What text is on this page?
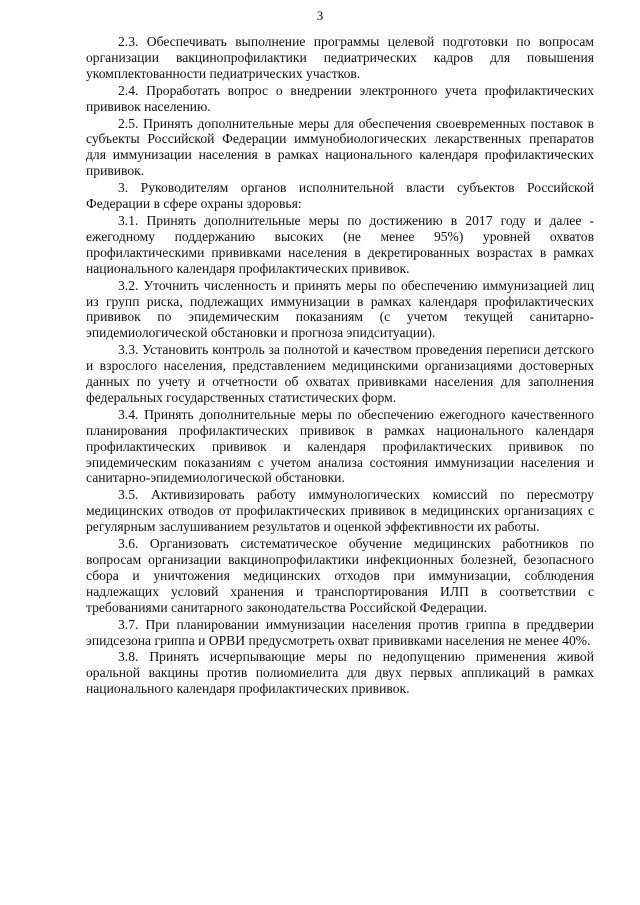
3

2.3. Обеспечивать выполнение программы целевой подготовки по вопросам организации вакцинопрофилактики педиатрических кадров для повышения укомплектованности педиатрических участков.

2.4. Проработать вопрос о внедрении электронного учета профилактических прививок населению.

2.5. Принять дополнительные меры для обеспечения своевременных поставок в субъекты Российской Федерации иммунобиологических лекарственных препаратов для иммунизации населения в рамках национального календаря профилактических прививок.

3. Руководителям органов исполнительной власти субъектов Российской Федерации в сфере охраны здоровья:

3.1. Принять дополнительные меры по достижению в 2017 году и далее - ежегодному поддержанию высоких (не менее 95%) уровней охватов профилактическими прививками населения в декретированных возрастах в рамках национального календаря профилактических прививок.

3.2. Уточнить численность и принять меры по обеспечению иммунизацией лиц из групп риска, подлежащих иммунизации в рамках календаря профилактических прививок по эпидемическим показаниям (с учетом текущей санитарно-эпидемиологической обстановки и прогноза эпидситуации).

3.3. Установить контроль за полнотой и качеством проведения переписи детского и взрослого населения, представлением медицинскими организациями достоверных данных по учету и отчетности об охватах прививками населения для заполнения федеральных государственных статистических форм.

3.4. Принять дополнительные меры по обеспечению ежегодного качественного планирования профилактических прививок в рамках национального календаря профилактических прививок и календаря профилактических прививок по эпидемическим показаниям с учетом анализа состояния иммунизации населения и санитарно-эпидемиологической обстановки.

3.5. Активизировать работу иммунологических комиссий по пересмотру медицинских отводов от профилактических прививок в медицинских организациях с регулярным заслушиванием результатов и оценкой эффективности их работы.

3.6. Организовать систематическое обучение медицинских работников по вопросам организации вакцинопрофилактики инфекционных болезней, безопасного сбора и уничтожения медицинских отходов при иммунизации, соблюдения надлежащих условий хранения и транспортирования ИЛП в соответствии с требованиями санитарного законодательства Российской Федерации.

3.7. При планировании иммунизации населения против гриппа в преддверии эпидсезона гриппа и ОРВИ предусмотреть охват прививками населения не менее 40%.

3.8. Принять исчерпывающие меры по недопущению применения живой оральной вакцины против полиомиелита для двух первых аппликаций в рамках национального календаря профилактических прививок.
